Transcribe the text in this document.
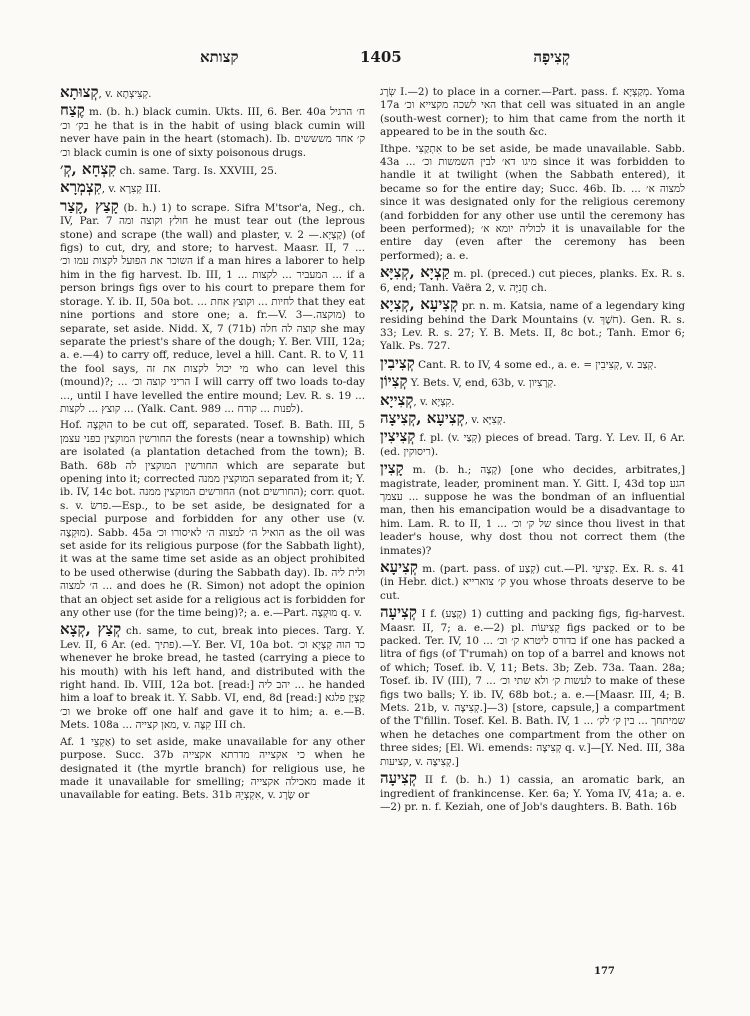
קצותא	1405	קְצִיפָה

קְצוּתָא, v. קְצִיצְתָא.

קֶצַח m. (b. h.) black cumin. Ukts. III, 6. Ber. 40a ח׳ הרגיל בק׳ וכ׳ he that is in the habit of using black cumin will never have pain in the heart (stomach). Ib. ק׳ אחד משששים וכ׳ black cumin is one of sixty poisonous drugs.

קִצְחָא ,קְ׳ ch. same. Targ. Is. XXVIII, 25.

קִצְמְרָא, v. קְצִרָא III.

קָצַץ ,קָצַר (b. h.) 1) to scrape. Sifra M'tsor'a, Neg., ch. IV, Par. 7 חולץ וקוצה ומה he must tear out (the leprous stone) and scrape (the wall) and plaster, v. קַצְיָא.— 2) (of figs) to cut, dry, and store; to harvest. Maasr. II, 7 ... השוכר את הפועל לקצות עמו וכ׳ if a man hires a laborer to help him in the fig harvest. Ib. III, 1 ... המעביר ... לקצות ... if a person brings figs over to his court to prepare them for storage. Y. ib. II, 50a bot. ... לחיות ... וקוצץ אחת that they eat nine portions and store one; a. fr.—V. מוקצה.—3) to separate, set aside. Nidd. X, 7 (71b) קוצה לה חלה she may separate the priest's share of the dough; Y. Ber. VIII, 12a; a. e.—4) to carry off, reduce, level a hill. Cant. R. to V, 11 the fool says, מי יכול לקצות את זה who can level this (mound)?; ... הריני קוצה וכ׳ I will carry off two loads to-day ..., until I have levelled the entire mound; Lev. R. s. 19 ... קוצץ ... לקצות ... (Yalk. Cant. 989 ... לפנות ... קודח).

Hof. הוּקְצָה to be cut off, separated. Tosef. B. Bath. III, 5 החורשין המוקצין בפני עצמן the forests (near a township) which are isolated (a plantation detached from the town); B. Bath. 68b החורשין המוקצין לה which are separate but opening into it; corrected המוקצין ממנה separated from it; Y. ib. IV, 14c bot. החורשים המוקצין ממנה (not החורשים); corr. quot. s. v. פרשׂ.—Esp., to be set aside, be designated for a special purpose and forbidden for any other use (v. מוּקְצֶה). Sabb. 45a הואיל ה׳ למצוה ה׳ לאיסורו וכ׳ as the oil was set aside for its religious purpose (for the Sabbath light), it was at the same time set aside as an object prohibited to be used otherwise (during the Sabbath day). Ib. ולית ליה ה׳ למצוה ... and does he (R. Simon) not adopt the opinion that an object set aside for a religious act is forbidden for any other use (for the time being)?; a. e.—Part. מוּקְצֶה q. v.

קְצַץ ,קְצָא ch. same, to cut, break into pieces. Targ. Y. Lev. II, 6 Ar. (ed. פתיך).—Y. Ber. VI, 10a bot. כד הוה קַצְיָא וכ׳ whenever he broke bread, he tasted (carrying a piece to his mouth) with his left hand, and distributed with the right hand. Ib. VIII, 12a bot. [read:] יהב ליה ... he handed him a loaf to break it. Y. Sabb. VI, end, 8d [read:] קַצְיָן פלגא וכ׳ we broke off one half and gave it to him; a. e.—B. Mets. 108a ... מאן קצייה, v. קִצָּה III ch.

Af. אַקְצֵי 1) to set aside, make unavailable for any other purpose. Succ. 37b כי אקצייה מדרתא אקצייה when he designated it (the myrtle branch) for religious use, he made it unavailable for smelling; מאכילה אקצייה made it unavailable for eating. Bets. 31b אִקְצְיֵהּ, v. שָׂרָג or

שְׂרָג I.—2) to place in a corner.—Part. pass. f. מְקַצְיָא. Yoma 17a האי לשכה מקצייא וכ׳ that cell was situated in an angle (south-west corner); to him that came from the north it appeared to be in the south &c.

Ithpe. אִתְקַצִּי to be set aside, be made unavailable. Sabb. 43a ... מיגו דא׳ לבין השמשות וכ׳ since it was forbidden to handle it at twilight (when the Sabbath entered), it became so for the entire day; Succ. 46b. Ib. ... למצוה א׳ since it was designated only for the religious ceremony (and forbidden for any other use until the ceremony has been performed); לכוליה יומא א׳ it is unavailable for the entire day (even after the ceremony has been performed); a. e.

קַצְיָא ,קְצִיָּא m. pl. (preced.) cut pieces, planks. Ex. R. s. 6, end; Tanh. Vaëra 2, v. חֲנִיָּה ch.

קְצִיעָא ,קְצִיָא pr. n. m. Katsia, name of a legendary king residing behind the Dark Mountains (v. חֹשֶׁךְ). Gen. R. s. 33; Lev. R. s. 27; Y. B. Mets. II, 8c bot.; Tanh. Emor 6; Yalk. Ps. 727.

קְצִיבִין Cant. R. to IV, 4 some ed., a. e. = קְצִיבִין, v. קְצַב.

קְצִיוֹן Y. Bets. V, end, 63b, v. קְרָצִיון.

קְצִייָא, v. קִצְיָא.

קְצִיעָא ,קְצִיצָה, v. קְצִיָּא.

קְצִיצִין f. pl. (v. קְצַי) pieces of bread. Targ. Y. Lev. II, 6 Ar. (ed. ריסוקין).

קָצִין m. (b. h.; קָצָה) [one who decides, arbitrates,] magistrate, leader, prominent man. Y. Gitt. I, 43d top הגע עצמך ... suppose he was the bondman of an influential man, then his emancipation would be a disadvantage to him. Lam. R. to II, 1 ... של ק׳ וכ׳ since thou livest in that leader's house, why dost thou not correct them (the inmates)?

קְצִיעָא m. (part. pass. of קְצַע) cut.—Pl. קְצִיעֵי. Ex. R. s. 41 (in Hebr. dict.) ק׳ צוארייא you whose throats deserve to be cut.

קְצִיעָה I f. (קָצַע) 1) cutting and packing figs, fig-harvest. Maasr. II, 7; a. e.—2) pl. קְצִיעוֹת figs packed or to be packed. Ter. IV, 10 ... בדורס ליטרא ק׳ וכ׳ if one has packed a litra of figs (of T'rumah) on top of a barrel and knows not of which; Tosef. ib. V, 11; Bets. 3b; Zeb. 73a. Taan. 28a; Tosef. ib. IV (III), 7 ... לעשות ק׳ ולא שתי וכ׳ to make of these figs two balls; Y. ib. IV, 68b bot.; a. e.—[Maasr. III, 4; B. Mets. 21b, v. קְצִיצָה.]—3) [store, capsule,] a compartment of the T'fillin. Tosef. Kel. B. Bath. IV, 1 ... שמיתחך ... בין ק׳ לק׳ when he detaches one compartment from the other on three sides; [El. Wi. emends: קְצִיצָה q. v.]—[Y. Ned. III, 38a קציעות, v. קְצִיצָה.]

קְצִיעָה II f. (b. h.) 1) cassia, an aromatic bark, an ingredient of frankincense. Ker. 6a; Y. Yoma IV, 41a; a. e.—2) pr. n. f. Keziah, one of Job's daughters. B. Bath. 16b

177
